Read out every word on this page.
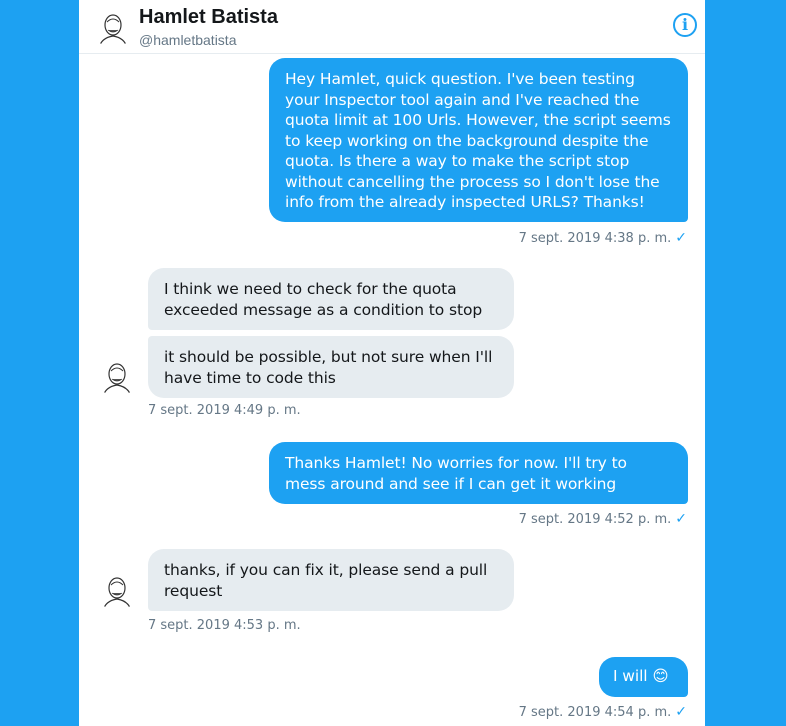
Hamlet Batista
@hamletbatista
i
Hey Hamlet, quick question. I've been testing your Inspector tool again and I've reached the quota limit at 100 Urls. However, the script seems to keep working on the background despite the quota. Is there a way to make the script stop without cancelling the process so I don't lose the info from the already inspected URLS? Thanks!
7 sept. 2019 4:38 p. m. ✓
I think we need to check for the quota exceeded message as a condition to stop
it should be possible, but not sure when I'll have time to code this
7 sept. 2019 4:49 p. m.
Thanks Hamlet! No worries for now. I'll try to mess around and see if I can get it working
7 sept. 2019 4:52 p. m. ✓
thanks, if you can fix it, please send a pull request
7 sept. 2019 4:53 p. m.
I will 😊
7 sept. 2019 4:54 p. m. ✓
